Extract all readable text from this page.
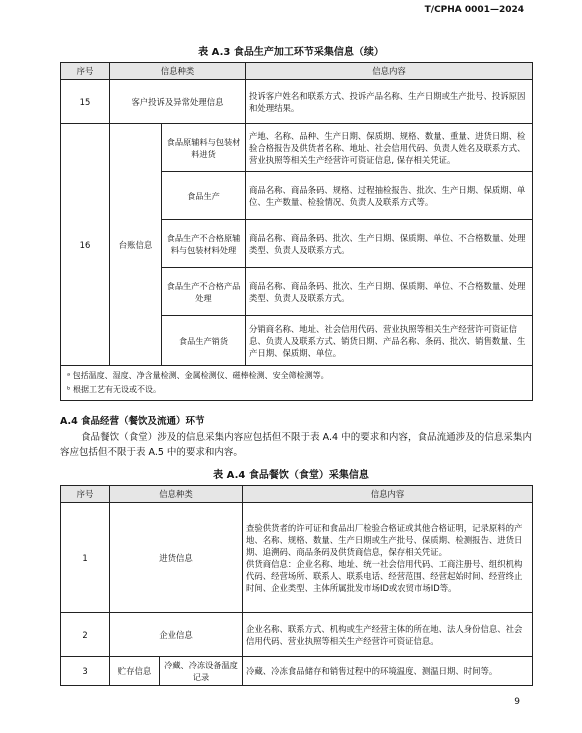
T/CPHA 0001—2024
表 A.3 食品生产加工环节采集信息（续）
序号	信息种类		信息内容
15	客户投诉及异常处理信息		投诉客户姓名和联系方式、投诉产品名称、生产日期或生产批号、投诉原因和处理结果。
16	台账信息	食品原辅料与包装材料进货	产地、名称、品种、生产日期、保质期、规格、数量、重量、进货日期、检验合格报告及供货者名称、地址、社会信用代码、负责人姓名及联系方式、营业执照等相关生产经营许可资证信息, 保存相关凭证。
		食品生产	商品名称、商品条码、规格、过程抽检报告、批次、生产日期、保质期、单位、生产数量、检验情况、负责人及联系方式等。
		食品生产不合格原辅料与包装材料处理	商品名称、商品条码、批次、生产日期、保质期、单位、不合格数量、处理类型、负责人及联系方式。
		食品生产不合格产品处理	商品名称、商品条码、批次、生产日期、保质期、单位、不合格数量、处理类型、负责人及联系方式。
		食品生产销货	分销商名称、地址、社会信用代码、营业执照等相关生产经营许可资证信息、负责人及联系方式、销货日期、产品名称、条码、批次、销售数量、生产日期、保质期、单位。

ᵃ 包括温度、湿度、净含量检测、金属检测仪、磁棒检测、安全筛检测等。
ᵇ 根据工艺有无设或不设。			
A.4 食品经营（餐饮及流通）环节
食品餐饮（食堂）涉及的信息采集内容应包括但不限于表 A.4 中的要求和内容，食品流通涉及的信息采集内容应包括但不限于表 A.5 中的要求和内容。
表 A.4 食品餐饮（食堂）采集信息
序号	信息种类		信息内容
1	进货信息		查验供货者的许可证和食品出厂检验合格证或其他合格证明，记录原料的产地、名称、规格、数量、生产日期或生产批号、保质期、检测报告、进货日期、追溯码、商品条码及供货商信息，保存相关凭证。
供货商信息：企业名称、地址、统一社会信用代码、工商注册号、组织机构代码、经营场所、联系人、联系电话、经营范围、经营起始时间、经营终止时间、企业类型、主体所属批发市场ID或农贸市场ID等。

2	企业信息		企业名称、联系方式、机构或生产经营主体的所在地、法人身份信息、社会信用代码、营业执照等相关生产经营许可资证信息。
3	贮存信息	冷藏、冷冻设备温度记录	冷藏、冷冻食品储存和销售过程中的环境温度、测温日期、时间等。
9
